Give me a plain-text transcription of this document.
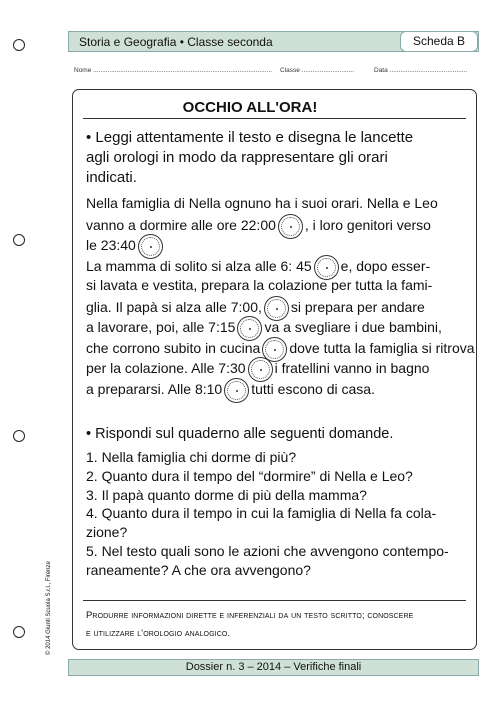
Storia e Geografia • Classe seconda	Scheda B
Nome ................................................................................................... Classe .............................	Data ...........................................
OCCHIO ALL'ORA!
• Leggi attentamente il testo e disegna le lancette
agli orologi in modo da rappresentare gli orari
indicati.
Nella famiglia di Nella ognuno ha i suoi orari. Nella e Leo
vanno a dormire alle ore 22:00 , i loro genitori verso
le 23:40
La mamma di solito si alza alle 6: 45 e, dopo esser-
si lavata e vestita, prepara la colazione per tutta la fami-
glia. Il papà si alza alle 7:00, si prepara per andare
a lavorare, poi, alle 7:15 va a svegliare i due bambini,
che corrono subito in cucina dove tutta la famiglia si ritrova
per la colazione. Alle 7:30 i fratellini vanno in bagno
a prepararsi. Alle 8:10 tutti escono di casa.
• Rispondi sul quaderno alle seguenti domande.
1. Nella famiglia chi dorme di più?
2. Quanto dura il tempo del “dormire” di Nella e Leo?
3. Il papà quanto dorme di più della mamma?
4. Quanto dura il tempo in cui la famiglia di Nella fa cola-
zione?
5. Nel testo quali sono le azioni che avvengono contempo-
raneamente? A che ora avvengono?
Produrre informazioni dirette e inferenziali da un testo scritto; conoscere
e utilizzare l'orologio analogico.
© 2014 Giunti Scuola S.r.l., Firenze
Dossier n. 3 – 2014 – Verifiche finali
